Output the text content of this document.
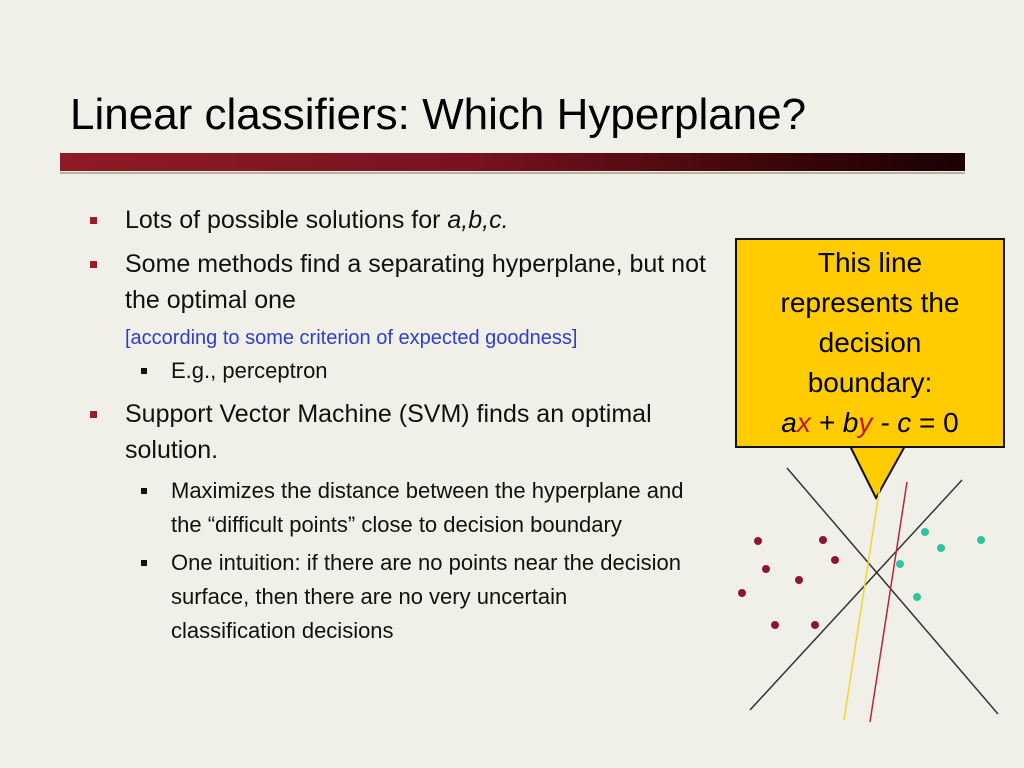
Linear classifiers: Which Hyperplane?
Lots of possible solutions for a,b,c.
Some methods find a separating hyperplane, but not the optimal one
[according to some criterion of expected goodness]
E.g., perceptron
Support Vector Machine (SVM) finds an optimal solution.
Maximizes the distance between the hyperplane and the “difficult points” close to decision boundary
One intuition: if there are no points near the decision surface, then there are no very uncertain classification decisions
This line
represents the
decision
boundary:
ax + by - c = 0
